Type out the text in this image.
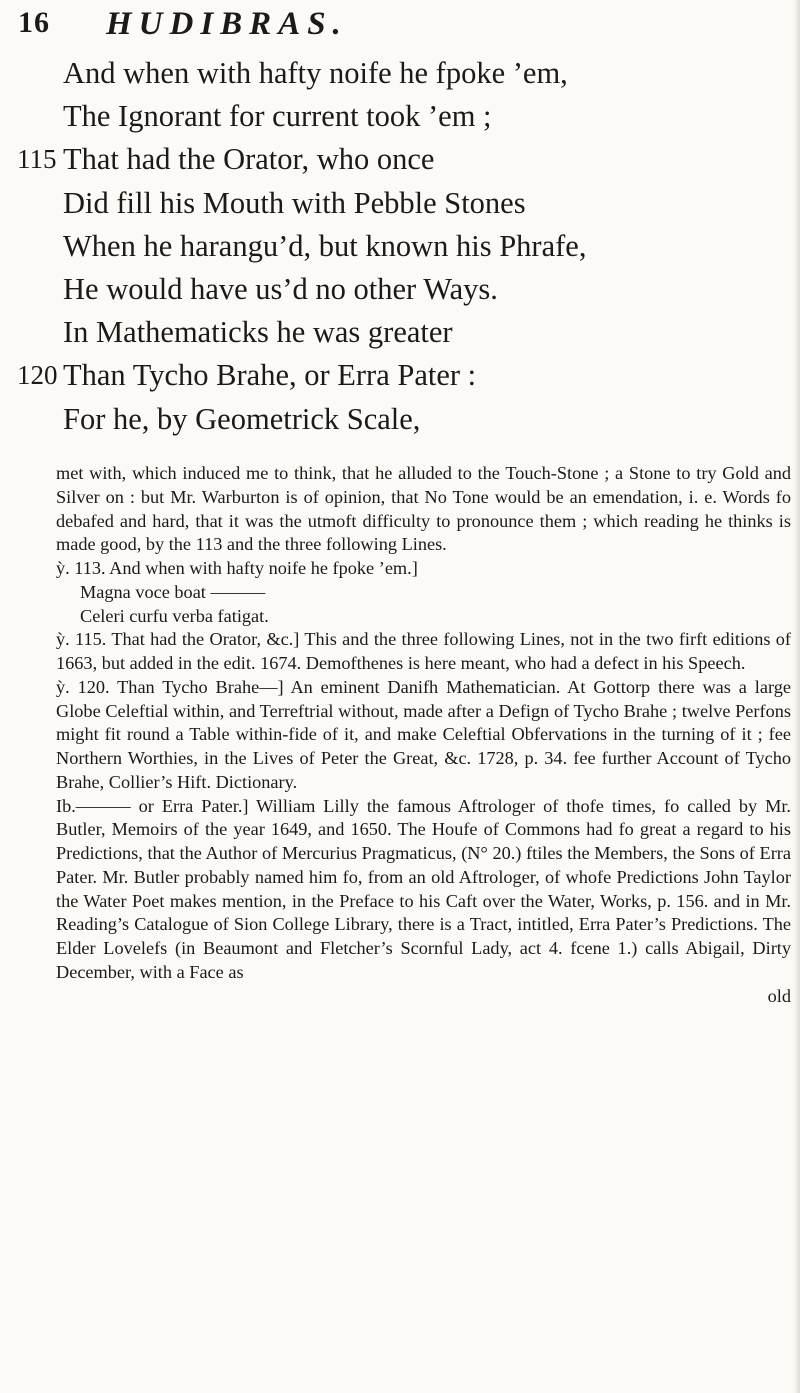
16 HUDIBRAS.
And when with hafty noife he fpoke ’em,
The Ignorant for current took ’em ;
115 That had the Orator, who once
Did fill his Mouth with Pebble Stones
When he harangu’d, but known his Phrafe,
He would have us’d no other Ways.
In Mathematicks he was greater
120 Than Tycho Brahe, or Erra Pater :
For he, by Geometrick Scale,

met with, which induced me to think, that he alluded to the Touch-Stone ; a Stone to try Gold and Silver on : but Mr. Warburton is of opinion, that No Tone would be an emendation, i. e. Words fo debafed and hard, that it was the utmoft difficulty to pronounce them ; which reading he thinks is made good, by the 113 and the three following Lines.

ỳ. 113. And when with hafty noife he fpoke ’em.]

Magna voce boat ———

Celeri curfu verba fatigat.

ỳ. 115. That had the Orator, &c.] This and the three following Lines, not in the two firft editions of 1663, but added in the edit. 1674. Demofthenes is here meant, who had a defect in his Speech.

ỳ. 120. Than Tycho Brahe—] An eminent Danifh Mathematician. At Gottorp there was a large Globe Celeftial within, and Terreftrial without, made after a Defign of Tycho Brahe ; twelve Perfons might fit round a Table within-fide of it, and make Celeftial Obfervations in the turning of it ; fee Northern Worthies, in the Lives of Peter the Great, &c. 1728, p. 34. fee further Account of Tycho Brahe, Collier’s Hift. Dictionary.

Ib.——— or Erra Pater.] William Lilly the famous Aftrologer of thofe times, fo called by Mr. Butler, Memoirs of the year 1649, and 1650. The Houfe of Commons had fo great a regard to his Predictions, that the Author of Mercurius Pragmaticus, (N° 20.) ftiles the Members, the Sons of Erra Pater. Mr. Butler probably named him fo, from an old Aftrologer, of whofe Predictions John Taylor the Water Poet makes mention, in the Preface to his Caft over the Water, Works, p. 156. and in Mr. Reading’s Catalogue of Sion College Library, there is a Tract, intitled, Erra Pater’s Predictions. The Elder Lovelefs (in Beaumont and Fletcher’s Scornful Lady, act 4. fcene 1.) calls Abigail, Dirty December, with a Face as

old
